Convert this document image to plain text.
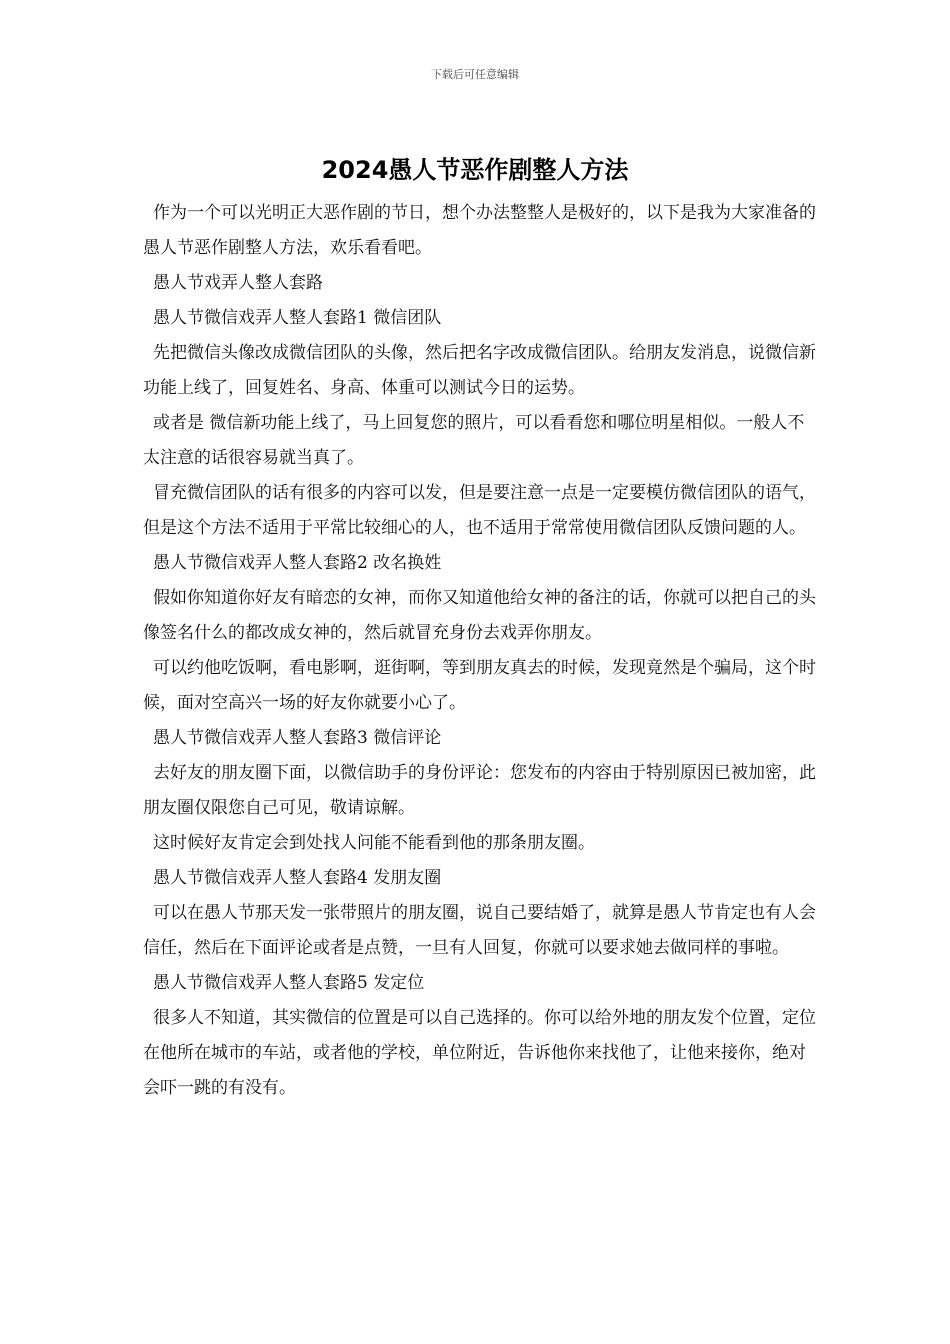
下载后可任意编辑
2024愚人节恶作剧整人方法

作为一个可以光明正大恶作剧的节日，想个办法整整人是极好的，以下是我为大家准备的愚人节恶作剧整人方法，欢乐看看吧。

愚人节戏弄人整人套路

愚人节微信戏弄人整人套路1 微信团队

先把微信头像改成微信团队的头像，然后把名字改成微信团队。给朋友发消息，说微信新功能上线了，回复姓名、身高、体重可以测试今日的运势。

或者是 微信新功能上线了，马上回复您的照片，可以看看您和哪位明星相似。一般人不太注意的话很容易就当真了。

冒充微信团队的话有很多的内容可以发，但是要注意一点是一定要模仿微信团队的语气，但是这个方法不适用于平常比较细心的人，也不适用于常常使用微信团队反馈问题的人。

愚人节微信戏弄人整人套路2 改名换姓

假如你知道你好友有暗恋的女神，而你又知道他给女神的备注的话，你就可以把自己的头像签名什么的都改成女神的，然后就冒充身份去戏弄你朋友。

可以约他吃饭啊，看电影啊，逛街啊，等到朋友真去的时候，发现竟然是个骗局，这个时候，面对空高兴一场的好友你就要小心了。

愚人节微信戏弄人整人套路3 微信评论

去好友的朋友圈下面，以微信助手的身份评论：您发布的内容由于特别原因已被加密，此朋友圈仅限您自己可见，敬请谅解。

这时候好友肯定会到处找人问能不能看到他的那条朋友圈。

愚人节微信戏弄人整人套路4 发朋友圈

可以在愚人节那天发一张带照片的朋友圈，说自己要结婚了，就算是愚人节肯定也有人会信任，然后在下面评论或者是点赞，一旦有人回复，你就可以要求她去做同样的事啦。

愚人节微信戏弄人整人套路5 发定位

很多人不知道，其实微信的位置是可以自己选择的。你可以给外地的朋友发个位置，定位在他所在城市的车站，或者他的学校，单位附近，告诉他你来找他了，让他来接你，绝对会吓一跳的有没有。
